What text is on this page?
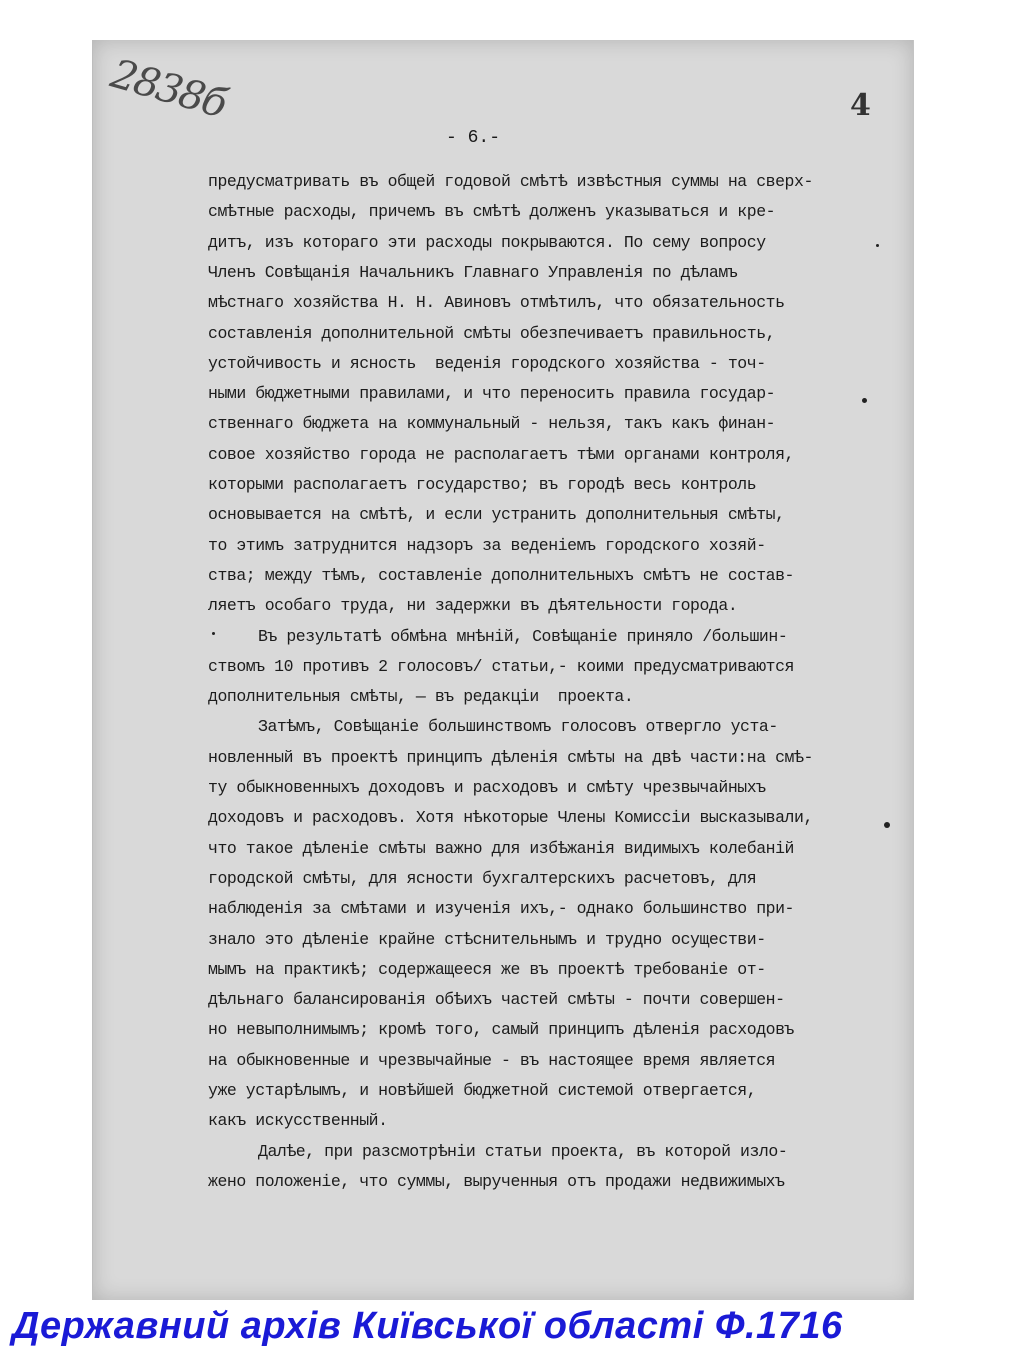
2838б	4
- 6.-
предусматривать въ общей годовой смѣтѣ извѣстныя суммы на сверх-
смѣтные расходы, причемъ въ смѣтѣ долженъ указываться и кре-
дитъ, изъ котораго эти расходы покрываются. По сему вопросу
Членъ Совѣщанія Начальникъ Главнаго Управленія по дѣламъ
мѣстнаго хозяйства Н. Н. Авиновъ отмѣтилъ, что обязательность
составленія дополнительной смѣты обезпечиваетъ правильность,
устойчивость и ясность  веденія городского хозяйства - точ-
ными бюджетными правилами, и что переносить правила государ-
ственнаго бюджета на коммунальный - нельзя, такъ какъ финан-
совое хозяйство города не располагаетъ тѣми органами контроля,
которыми располагаетъ государство; въ городѣ весь контроль
основывается на смѣтѣ, и если устранить дополнительныя смѣты,
то этимъ затруднится надзоръ за веденіемъ городского хозяй-
ства; между тѣмъ, составленіе дополнительныхъ смѣтъ не состав-
ляетъ особаго труда, ни задержки въ дѣятельности города.
Въ результатѣ обмѣна мнѣній, Совѣщаніе приняло /большин-
ствомъ 10 противъ 2 голосовъ/ статьи,- коими предусматриваются
дополнительныя смѣты, — въ редакціи  проекта.
Затѣмъ, Совѣщаніе большинствомъ голосовъ отвергло уста-
новленный въ проектѣ принципъ дѣленія смѣты на двѣ части:на смѣ-
ту обыкновенныхъ доходовъ и расходовъ и смѣту чрезвычайныхъ
доходовъ и расходовъ. Хотя нѣкоторые Члены Комиссіи высказывали,
что такое дѣленіе смѣты важно для избѣжанія видимыхъ колебаній
городской смѣты, для ясности бухгалтерскихъ расчетовъ, для
наблюденія за смѣтами и изученія ихъ,- однако большинство при-
знало это дѣленіе крайне стѣснительнымъ и трудно осуществи-
мымъ на практикѣ; содержащееся же въ проектѣ требованіе от-
дѣльнаго балансированія обѣихъ частей смѣты - почти совершен-
но невыполнимымъ; кромѣ того, самый принципъ дѣленія расходовъ
на обыкновенные и чрезвычайные - въ настоящее время является
уже устарѣлымъ, и новѣйшей бюджетной системой отвергается,
какъ искусственный.
Далѣе, при разсмотрѣніи статьи проекта, въ которой изло-
жено положеніе, что суммы, вырученныя отъ продажи недвижимыхъ
Державний архів Київської області Ф.1716
